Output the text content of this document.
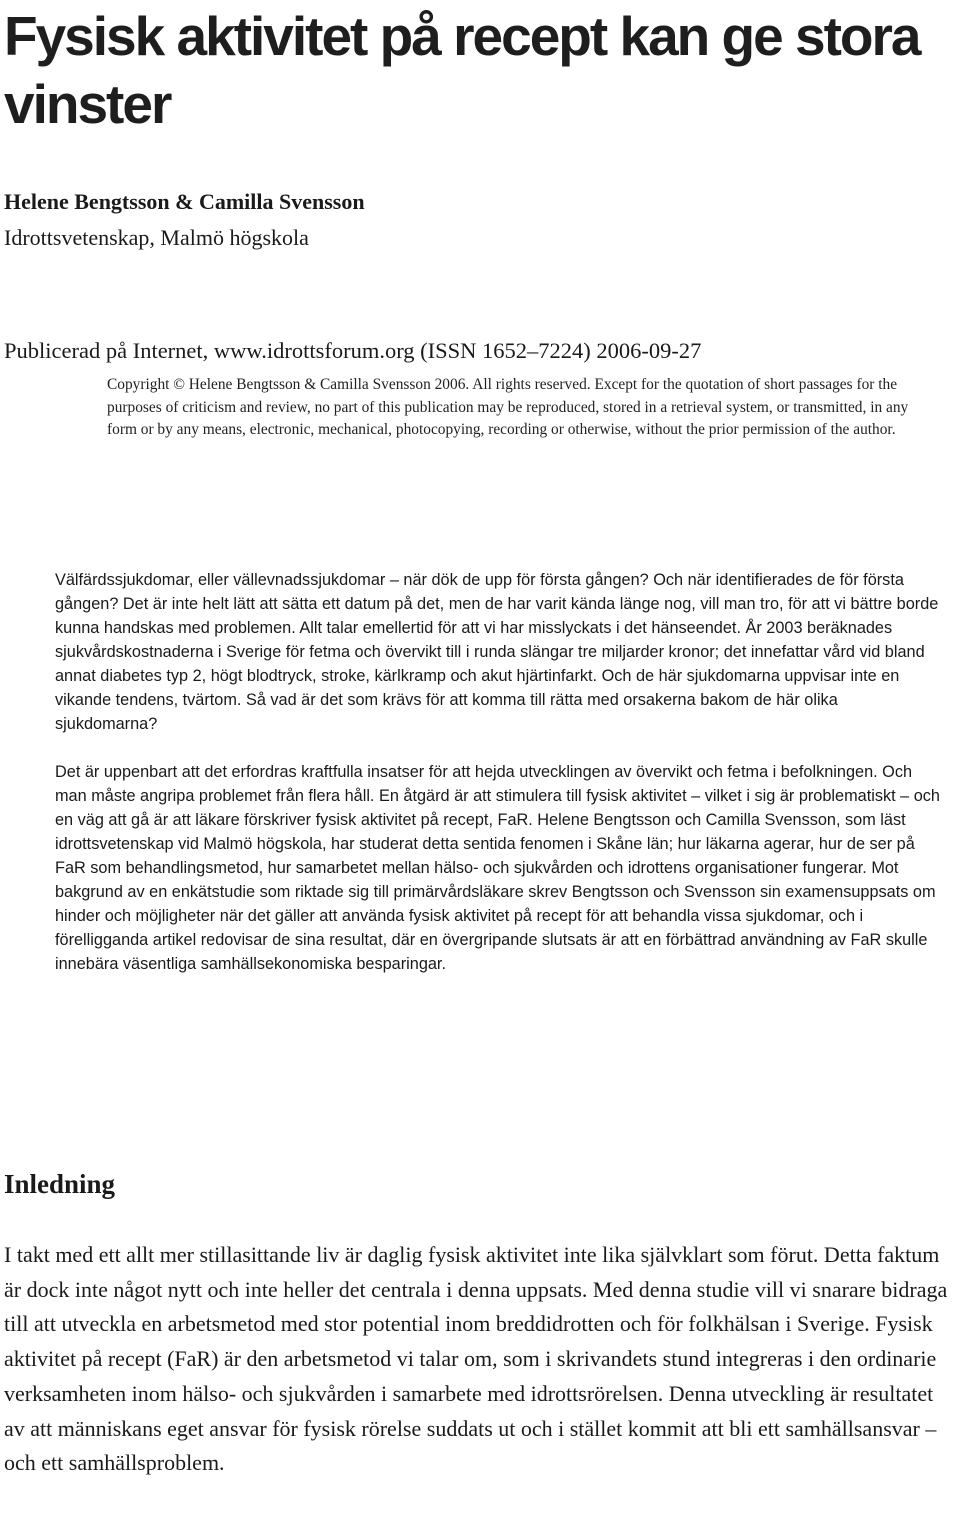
Fysisk aktivitet på recept kan ge stora vinster
Helene Bengtsson & Camilla Svensson
Idrottsvetenskap, Malmö högskola
Publicerad på Internet, www.idrottsforum.org (ISSN 1652–7224) 2006-09-27

Copyright © Helene Bengtsson & Camilla Svensson 2006. All rights reserved. Except for the quotation of short passages for the purposes of criticism and review, no part of this publication may be reproduced, stored in a retrieval system, or transmitted, in any form or by any means, electronic, mechanical, photocopying, recording or otherwise, without the prior permission of the author.

Välfärdssjukdomar, eller vällevnadssjukdomar – när dök de upp för första gången? Och när identifierades de för första gången? Det är inte helt lätt att sätta ett datum på det, men de har varit kända länge nog, vill man tro, för att vi bättre borde kunna handskas med problemen. Allt talar emellertid för att vi har misslyckats i det hänseendet. År 2003 beräknades sjukvårdskostnaderna i Sverige för fetma och övervikt till i runda slängar tre miljarder kronor; det innefattar vård vid bland annat diabetes typ 2, högt blodtryck, stroke, kärlkramp och akut hjärtinfarkt. Och de här sjukdomarna uppvisar inte en vikande tendens, tvärtom. Så vad är det som krävs för att komma till rätta med orsakerna bakom de här olika sjukdomarna?

Det är uppenbart att det erfordras kraftfulla insatser för att hejda utvecklingen av övervikt och fetma i befolkningen. Och man måste angripa problemet från flera håll. En åtgärd är att stimulera till fysisk aktivitet – vilket i sig är problematiskt – och en väg att gå är att läkare förskriver fysisk aktivitet på recept, FaR. Helene Bengtsson och Camilla Svensson, som läst idrottsvetenskap vid Malmö högskola, har studerat detta sentida fenomen i Skåne län; hur läkarna agerar, hur de ser på FaR som behandlingsmetod, hur samarbetet mellan hälso- och sjukvården och idrottens organisationer fungerar. Mot bakgrund av en enkätstudie som riktade sig till primärvårdsläkare skrev Bengtsson och Svensson sin examensuppsats om hinder och möjligheter när det gäller att använda fysisk aktivitet på recept för att behandla vissa sjukdomar, och i förelligganda artikel redovisar de sina resultat, där en övergripande slutsats är att en förbättrad användning av FaR skulle innebära väsentliga samhällsekonomiska besparingar.

Inledning

I takt med ett allt mer stillasittande liv är daglig fysisk aktivitet inte lika självklart som förut. Detta faktum är dock inte något nytt och inte heller det centrala i denna uppsats. Med denna studie vill vi snarare bidraga till att utveckla en arbetsmetod med stor potential inom breddidrotten och för folkhälsan i Sverige. Fysisk aktivitet på recept (FaR) är den arbetsmetod vi talar om, som i skrivandets stund integreras i den ordinarie verksamheten inom hälso- och sjukvården i samarbete med idrottsrörelsen. Denna utveckling är resultatet av att människans eget ansvar för fysisk rörelse suddats ut och i stället kommit att bli ett samhällsansvar – och ett samhällsproblem.
